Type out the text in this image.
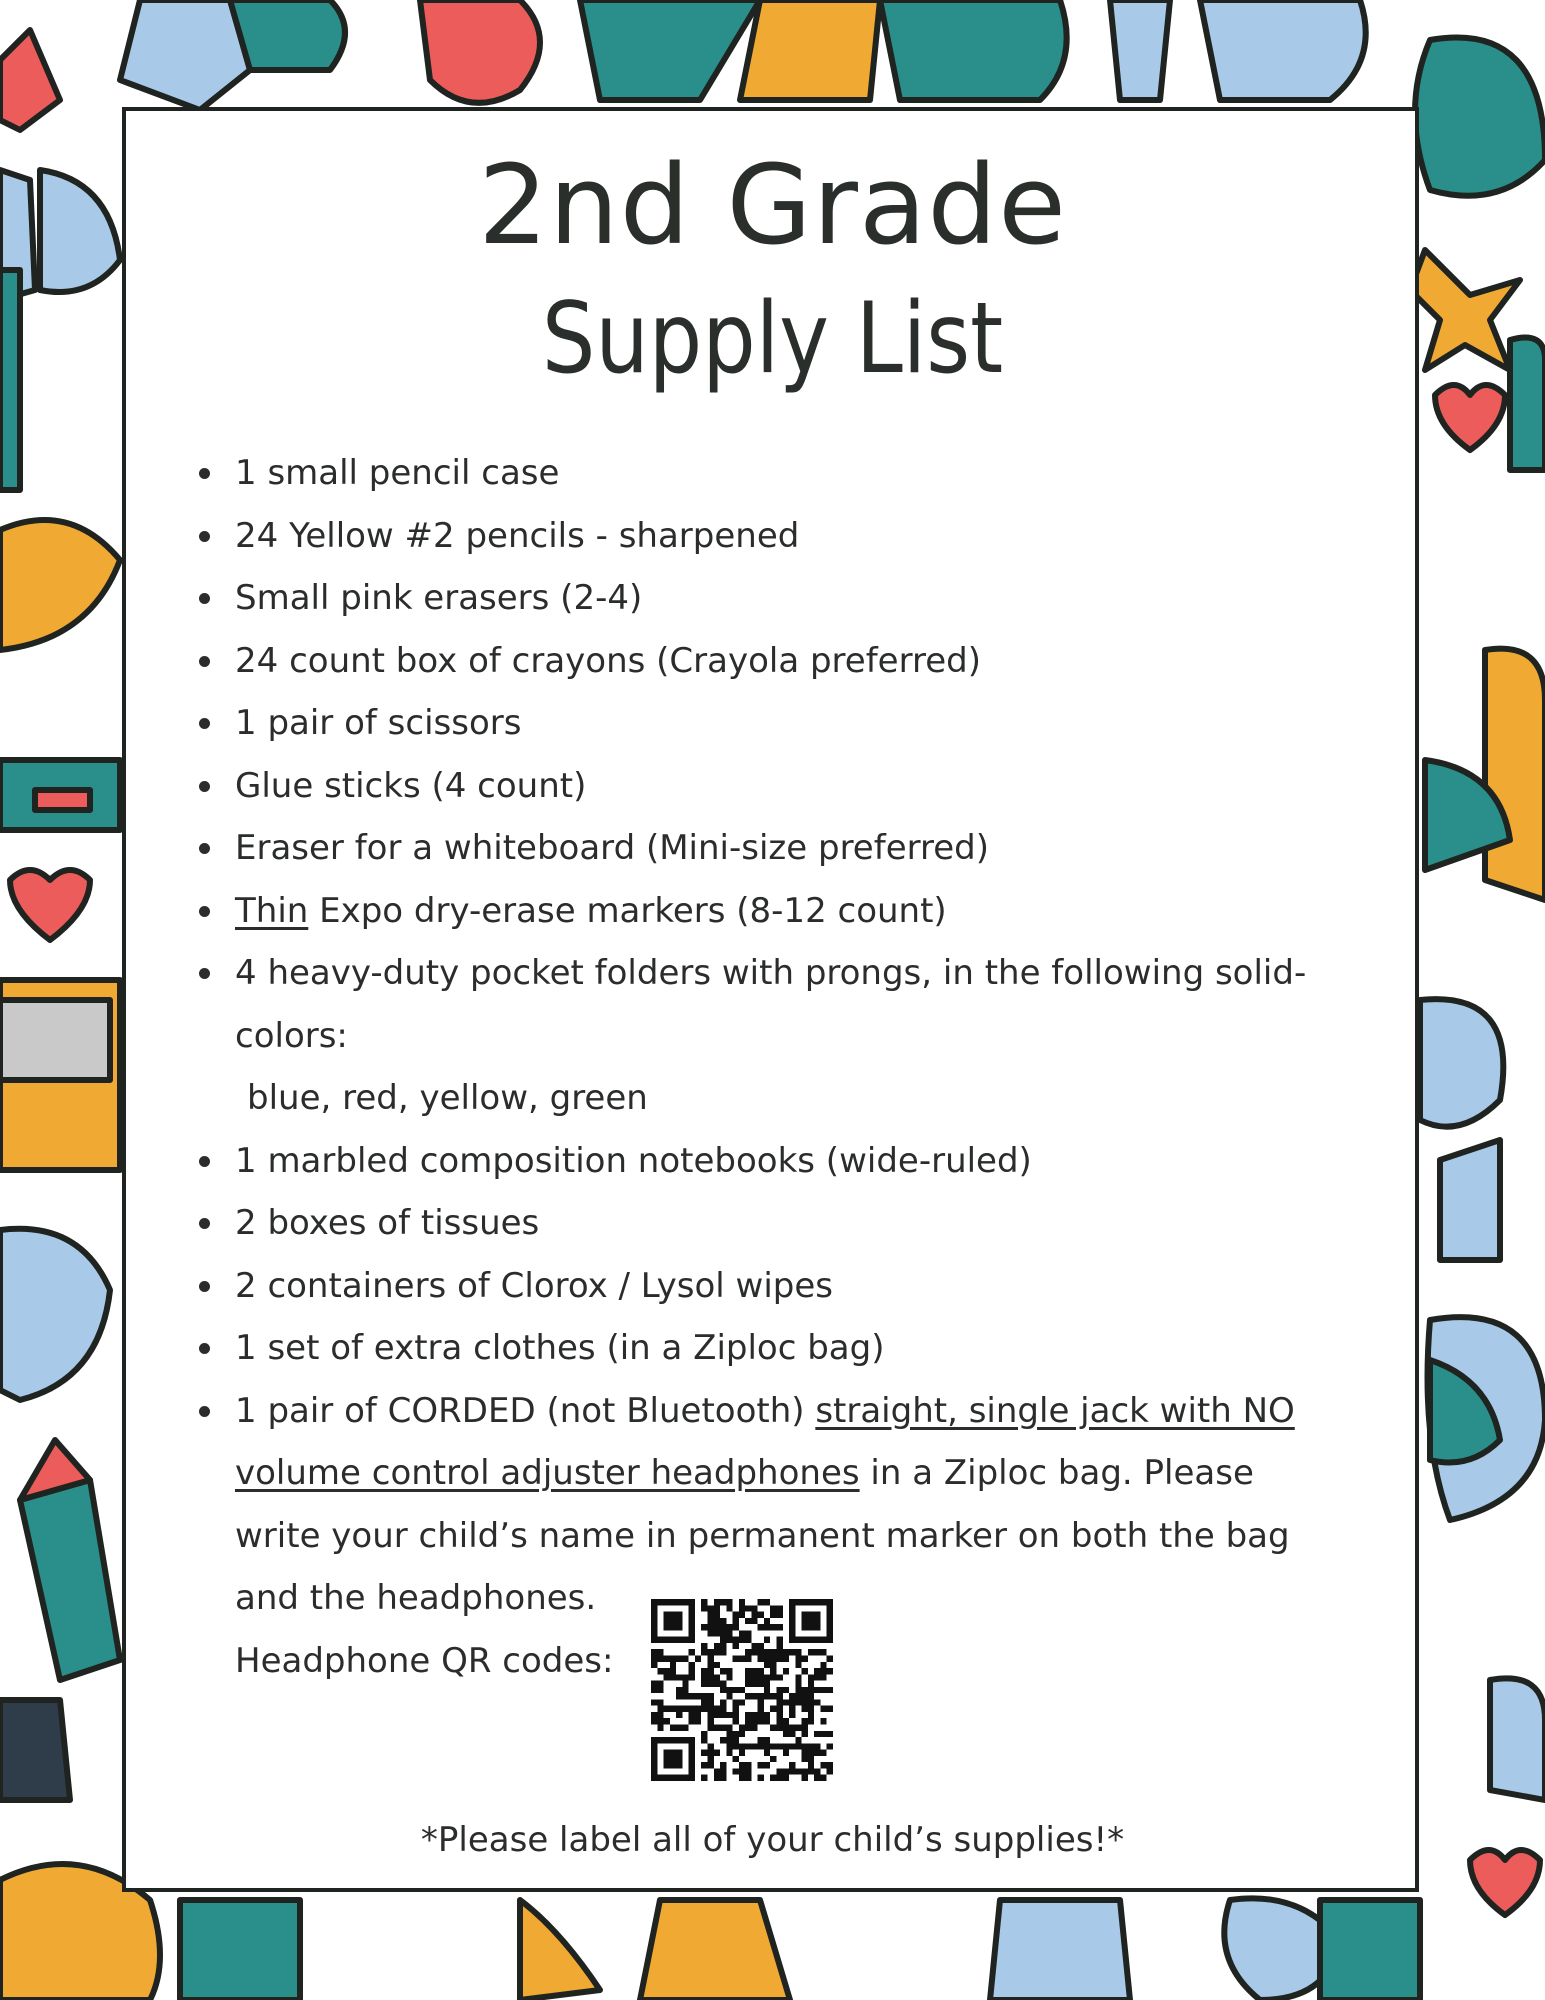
2nd Grade
Supply List
1 small pencil case
24 Yellow #2 pencils - sharpened
Small pink erasers (2-4)
24 count box of crayons (Crayola preferred)
1 pair of scissors
Glue sticks (4 count)
Eraser for a whiteboard (Mini-size preferred)
Thin Expo dry-erase markers (8-12 count)
4 heavy-duty pocket folders with prongs, in the following solid-
colors:
blue, red, yellow, green
1 marbled composition notebooks (wide-ruled)
2 boxes of tissues
2 containers of Clorox / Lysol wipes
1 set of extra clothes (in a Ziploc bag)
1 pair of CORDED (not Bluetooth) straight, single jack with NO
volume control adjuster headphones in a Ziploc bag. Please
write your child’s name in permanent marker on both the bag
and the headphones.
Headphone QR codes:
*Please label all of your child’s supplies!*
